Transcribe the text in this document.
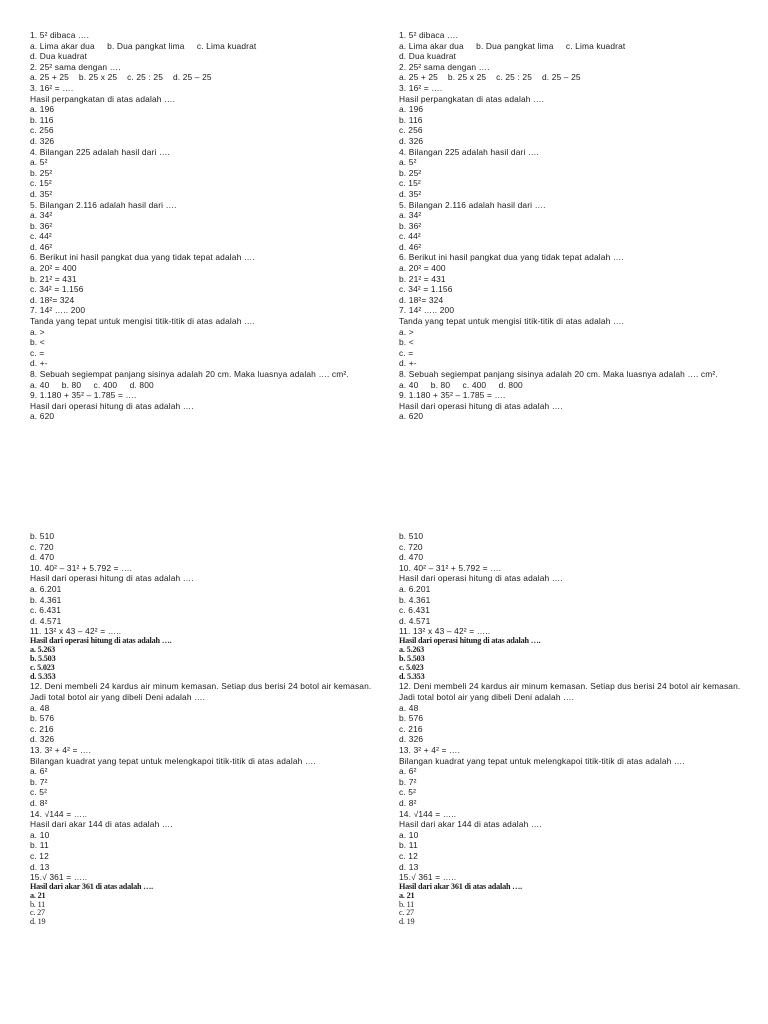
1. 5² dibaca ….
a. Lima akar dua     b. Dua pangkat lima     c. Lima kuadrat
d. Dua kuadrat
2. 25² sama dengan ….
a. 25 + 25    b. 25 x 25    c. 25 : 25    d. 25 – 25
3. 16² = ….
Hasil perpangkatan di atas adalah ….
a. 196
b. 116
c. 256
d. 326
4. Bilangan 225 adalah hasil dari ….
a. 5²
b. 25²
c. 15²
d. 35²
5. Bilangan 2.116 adalah hasil dari ….
a. 34²
b. 36²
c. 44²
d. 46²
6. Berikut ini hasil pangkat dua yang tidak tepat adalah ….
a. 20² = 400
b. 21² = 431
c. 34² = 1.156
d. 18²= 324
7. 14² ….. 200
Tanda yang tepat untuk mengisi titik-titik di atas adalah ….
a. >
b. <
c. =
d. +-
8. Sebuah segiempat panjang sisinya adalah 20 cm. Maka luasnya adalah …. cm².
a. 40     b. 80     c. 400     d. 800
9. 1.180 + 35² – 1.785 = ….
Hasil dari operasi hitung di atas adalah ….
a. 620
1. 5² dibaca ….
a. Lima akar dua     b. Dua pangkat lima     c. Lima kuadrat
d. Dua kuadrat
2. 25² sama dengan ….
a. 25 + 25    b. 25 x 25    c. 25 : 25    d. 25 – 25
3. 16² = ….
Hasil perpangkatan di atas adalah ….
a. 196
b. 116
c. 256
d. 326
4. Bilangan 225 adalah hasil dari ….
a. 5²
b. 25²
c. 15²
d. 35²
5. Bilangan 2.116 adalah hasil dari ….
a. 34²
b. 36²
c. 44²
d. 46²
6. Berikut ini hasil pangkat dua yang tidak tepat adalah ….
a. 20² = 400
b. 21² = 431
c. 34² = 1.156
d. 18²= 324
7. 14² ….. 200
Tanda yang tepat untuk mengisi titik-titik di atas adalah ….
a. >
b. <
c. =
d. +-
8. Sebuah segiempat panjang sisinya adalah 20 cm. Maka luasnya adalah …. cm².
a. 40     b. 80     c. 400     d. 800
9. 1.180 + 35² – 1.785 = ….
Hasil dari operasi hitung di atas adalah ….
a. 620
b. 510
c. 720
d. 470
10. 40² – 31² + 5.792 = ….
Hasil dari operasi hitung di atas adalah ….
a. 6.201
b. 4.361
c. 6.431
d. 4.571
11. 13² x 43 – 42² = …..
Hasil dari operasi hitung di atas adalah ….
a. 5.263
b. 5.503
c. 5.023
d. 5.353
12. Deni membeli 24 kardus air minum kemasan. Setiap dus berisi 24 botol air kemasan. Jadi total botol air yang dibeli Deni adalah ….
a. 48
b. 576
c. 216
d. 326
13. 3² + 4² = ….
Bilangan kuadrat yang tepat untuk melengkapoi titik-titik di atas adalah ….
a. 6²
b. 7²
c. 5²
d. 8²
14. √144 = …..
Hasil dari akar 144 di atas adalah ….
a. 10
b. 11
c. 12
d. 13
15.√ 361 = …..
Hasil dari akar 361 di atas adalah ….
a. 21
b. 11
c. 27
d. 19
b. 510
c. 720
d. 470
10. 40² – 31² + 5.792 = ….
Hasil dari operasi hitung di atas adalah ….
a. 6.201
b. 4.361
c. 6.431
d. 4.571
11. 13² x 43 – 42² = …..
Hasil dari operasi hitung di atas adalah ….
a. 5.263
b. 5.503
c. 5.023
d. 5.353
12. Deni membeli 24 kardus air minum kemasan. Setiap dus berisi 24 botol air kemasan. Jadi total botol air yang dibeli Deni adalah ….
a. 48
b. 576
c. 216
d. 326
13. 3² + 4² = ….
Bilangan kuadrat yang tepat untuk melengkapoi titik-titik di atas adalah ….
a. 6²
b. 7²
c. 5²
d. 8²
14. √144 = …..
Hasil dari akar 144 di atas adalah ….
a. 10
b. 11
c. 12
d. 13
15.√ 361 = …..
Hasil dari akar 361 di atas adalah ….
a. 21
b. 11
c. 27
d. 19
